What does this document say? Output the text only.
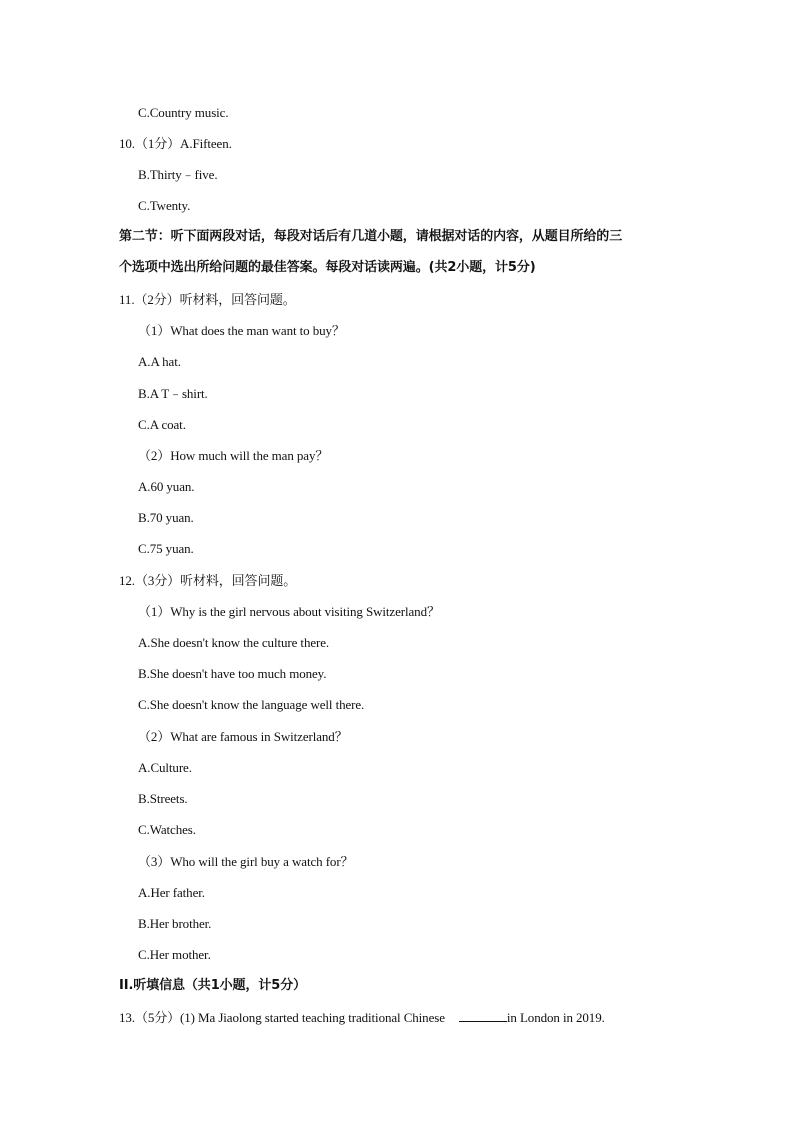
C.Country music.
10.（1分）A.Fifteen.
B.Thirty﹣five.
C.Twenty.
第二节：听下面两段对话，每段对话后有几道小题，请根据对话的内容，从题目所给的三
个选项中选出所给问题的最佳答案。每段对话读两遍。(共2小题，计5分)
11.（2分）听材料，回答问题。
（1）What does the man want to buy？
A.A hat.
B.A T﹣shirt.
C.A coat.
（2）How much will the man pay？
A.60 yuan.
B.70 yuan.
C.75 yuan.
12.（3分）听材料，回答问题。
（1）Why is the girl nervous about visiting Switzerland？
A.She doesn't know the culture there.
B.She doesn't have too much money.
C.She doesn't know the language well there.
（2）What are famous in Switzerland？
A.Culture.
B.Streets.
C.Watches.
（3）Who will the girl buy a watch for？
A.Her father.
B.Her brother.
C.Her mother.
II.听填信息（共1小题，计5分）
13.（5分）(1) Ma Jiaolong started teaching traditional Chinese	in London in 2019.
